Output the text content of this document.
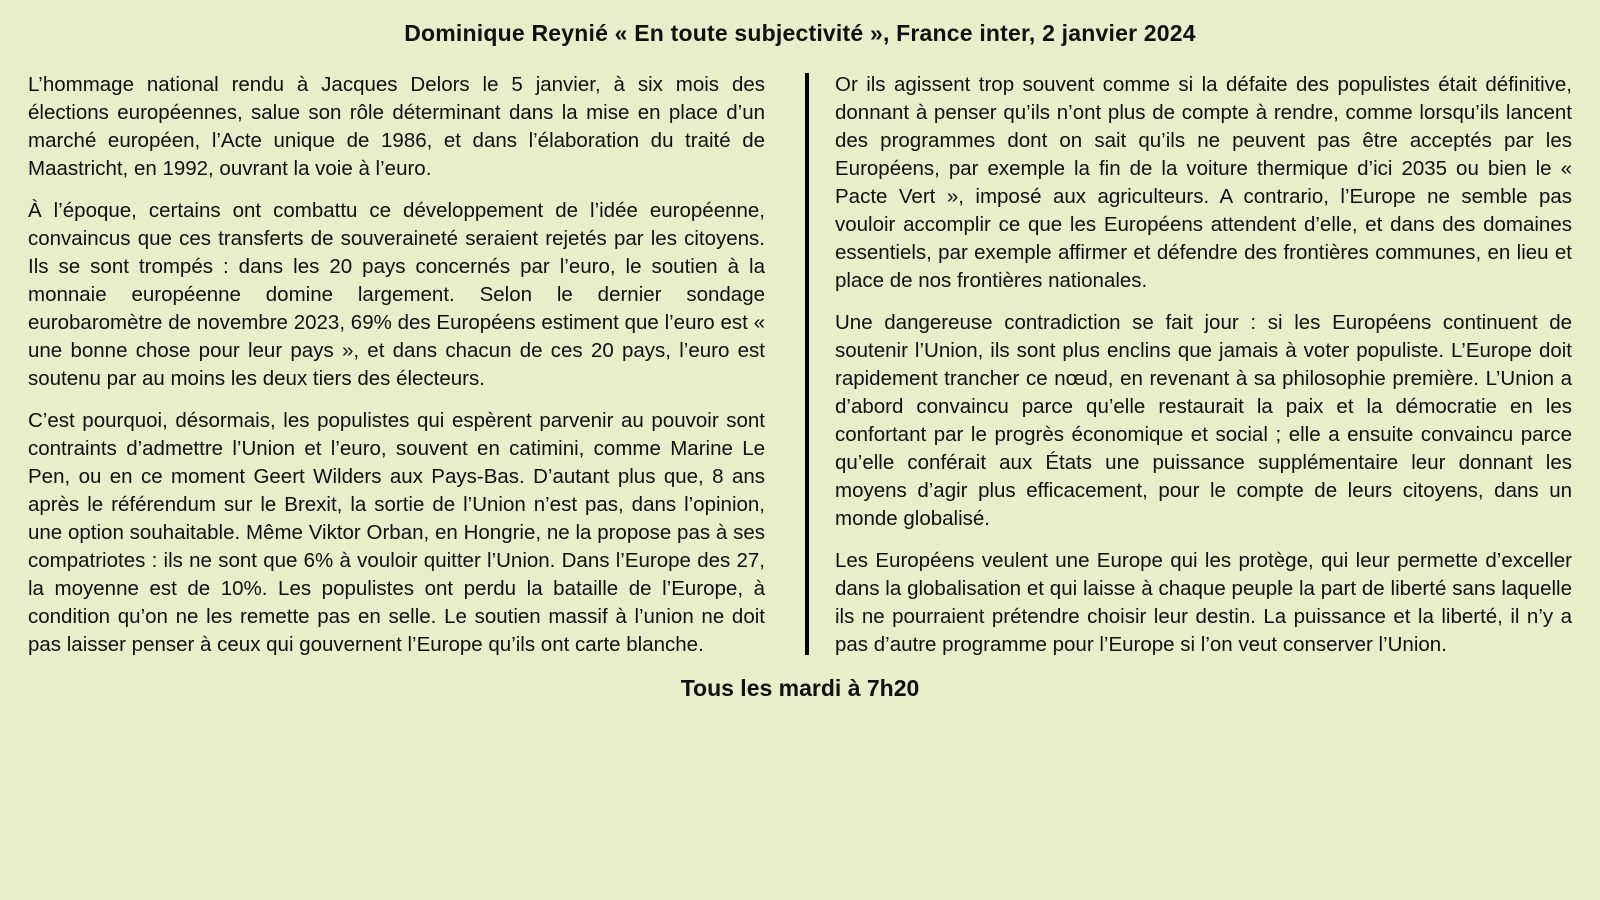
Dominique Reynié « En toute subjectivité », France inter, 2 janvier 2024

L’hommage national rendu à Jacques Delors le 5 janvier, à six mois des élections européennes, salue son rôle déterminant dans la mise en place d’un marché européen, l’Acte unique de 1986, et dans l’élaboration du traité de Maastricht, en 1992, ouvrant la voie à l’euro.

À l’époque, certains ont combattu ce développement de l’idée européenne, convaincus que ces transferts de souveraineté seraient rejetés par les citoyens. Ils se sont trompés : dans les 20 pays concernés par l’euro, le soutien à la monnaie européenne domine largement. Selon le dernier sondage eurobaromètre de novembre 2023, 69% des Européens estiment que l’euro est « une bonne chose pour leur pays », et dans chacun de ces 20 pays, l’euro est soutenu par au moins les deux tiers des électeurs.

C’est pourquoi, désormais, les populistes qui espèrent parvenir au pouvoir sont contraints d’admettre l’Union et l’euro, souvent en catimini, comme Marine Le Pen, ou en ce moment Geert Wilders aux Pays-Bas. D’autant plus que, 8 ans après le référendum sur le Brexit, la sortie de l’Union n’est pas, dans l’opinion, une option souhaitable. Même Viktor Orban, en Hongrie, ne la propose pas à ses compatriotes : ils ne sont que 6% à vouloir quitter l’Union. Dans l’Europe des 27, la moyenne est de 10%. Les populistes ont perdu la bataille de l’Europe, à condition qu’on ne les remette pas en selle. Le soutien massif à l’union ne doit pas laisser penser à ceux qui gouvernent l’Europe qu’ils ont carte blanche.

Or ils agissent trop souvent comme si la défaite des populistes était définitive, donnant à penser qu’ils n’ont plus de compte à rendre, comme lorsqu’ils lancent des programmes dont on sait qu’ils ne peuvent pas être acceptés par les Européens, par exemple la fin de la voiture thermique d’ici 2035 ou bien le « Pacte Vert », imposé aux agriculteurs. A contrario, l’Europe ne semble pas vouloir accomplir ce que les Européens attendent d’elle, et dans des domaines essentiels, par exemple affirmer et défendre des frontières communes, en lieu et place de nos frontières nationales.

Une dangereuse contradiction se fait jour : si les Européens continuent de soutenir l’Union, ils sont plus enclins que jamais à voter populiste. L’Europe doit rapidement trancher ce nœud, en revenant à sa philosophie première. L’Union a d’abord convaincu parce qu’elle restaurait la paix et la démocratie en les confortant par le progrès économique et social ; elle a ensuite convaincu parce qu’elle conférait aux États une puissance supplémentaire leur donnant les moyens d’agir plus efficacement, pour le compte de leurs citoyens, dans un monde globalisé.

Les Européens veulent une Europe qui les protège, qui leur permette d’exceller dans la globalisation et qui laisse à chaque peuple la part de liberté sans laquelle ils ne pourraient prétendre choisir leur destin. La puissance et la liberté, il n’y a pas d’autre programme pour l’Europe si l’on veut conserver l’Union.

Tous les mardi à 7h20
